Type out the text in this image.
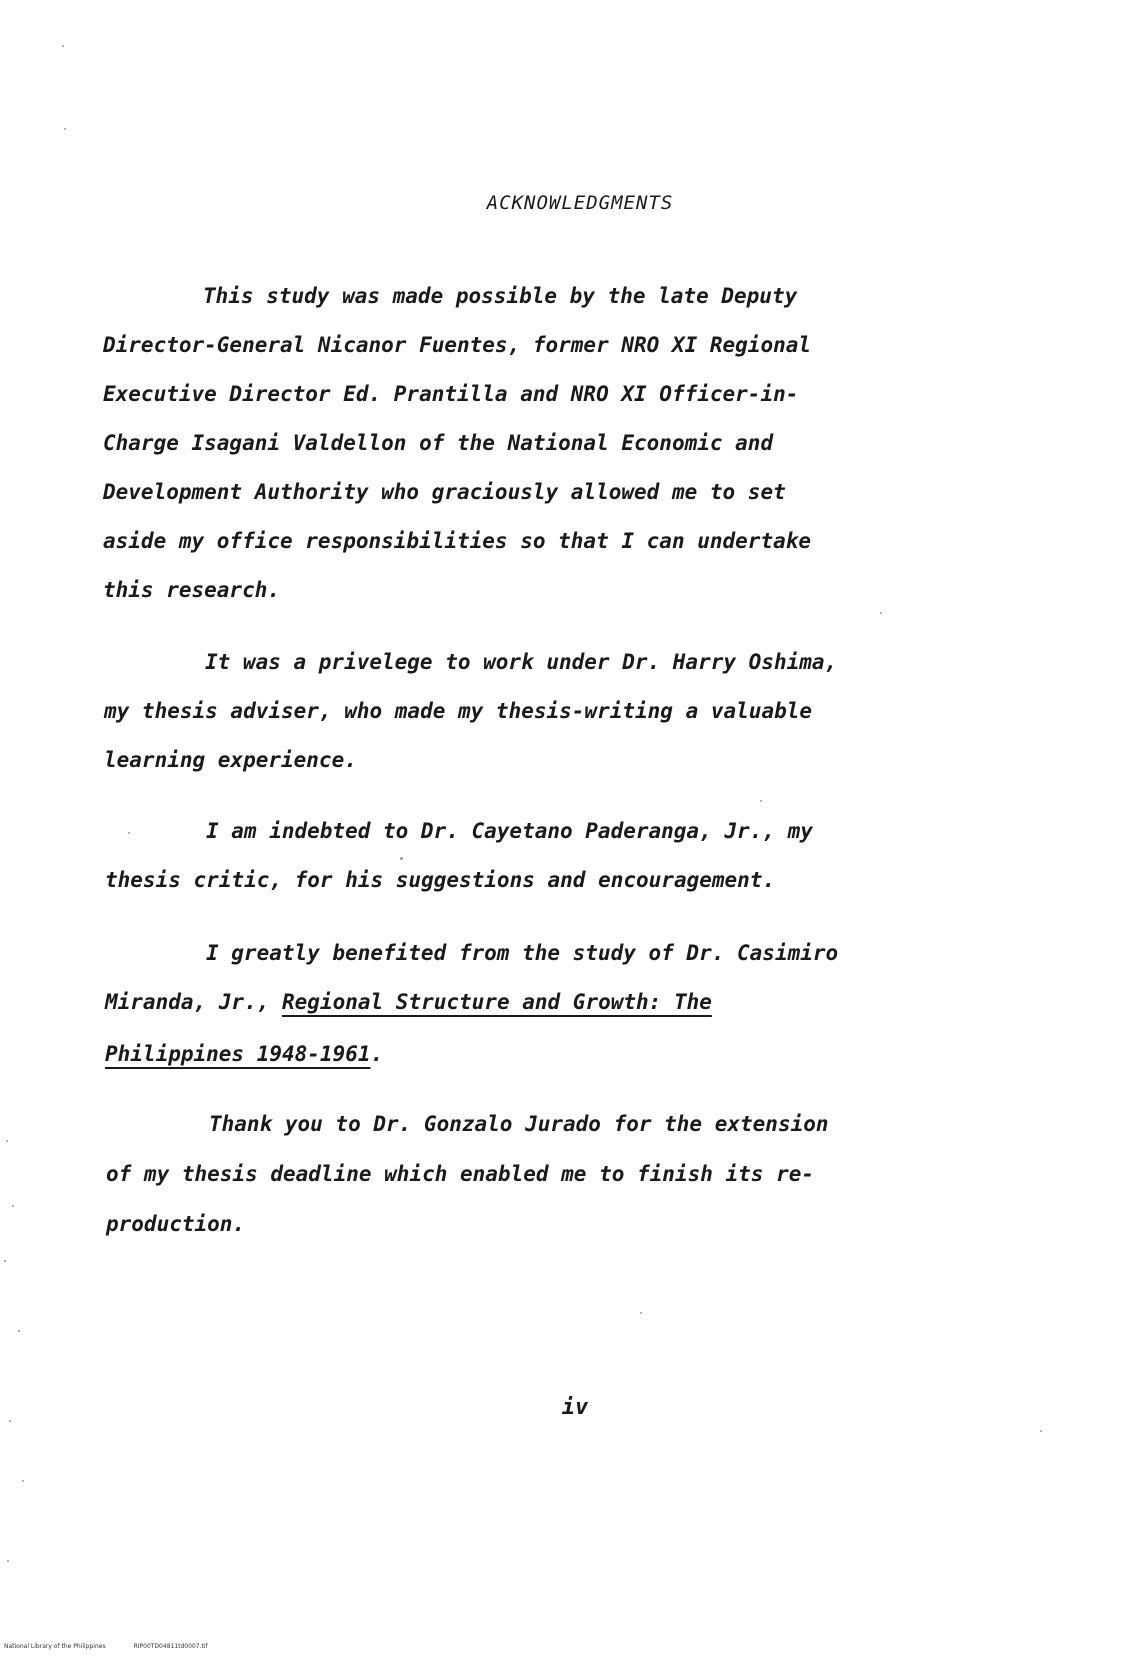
ACKNOWLEDGMENTS
This study was made possible by the late Deputy
Director-General Nicanor Fuentes, former NRO XI Regional
Executive Director Ed. Prantilla and NRO XI Officer-in-
Charge Isagani Valdellon of the National Economic and
Development Authority who graciously allowed me to set
aside my office responsibilities so that I can undertake
this research.
It was a privelege to work under Dr. Harry Oshima,
my thesis adviser, who made my thesis-writing a valuable
learning experience.
I am indebted to Dr. Cayetano Paderanga, Jr., my
thesis critic, for his suggestions and encouragement.
I greatly benefited from the study of Dr. Casimiro
Miranda, Jr., Regional Structure and Growth: The
Philippines 1948-1961.
Thank you to Dr. Gonzalo Jurado for the extension
of my thesis deadline which enabled me to finish its re-
production.
iv
National Library of the Philippines	RIP00TD04811td0007.tif
